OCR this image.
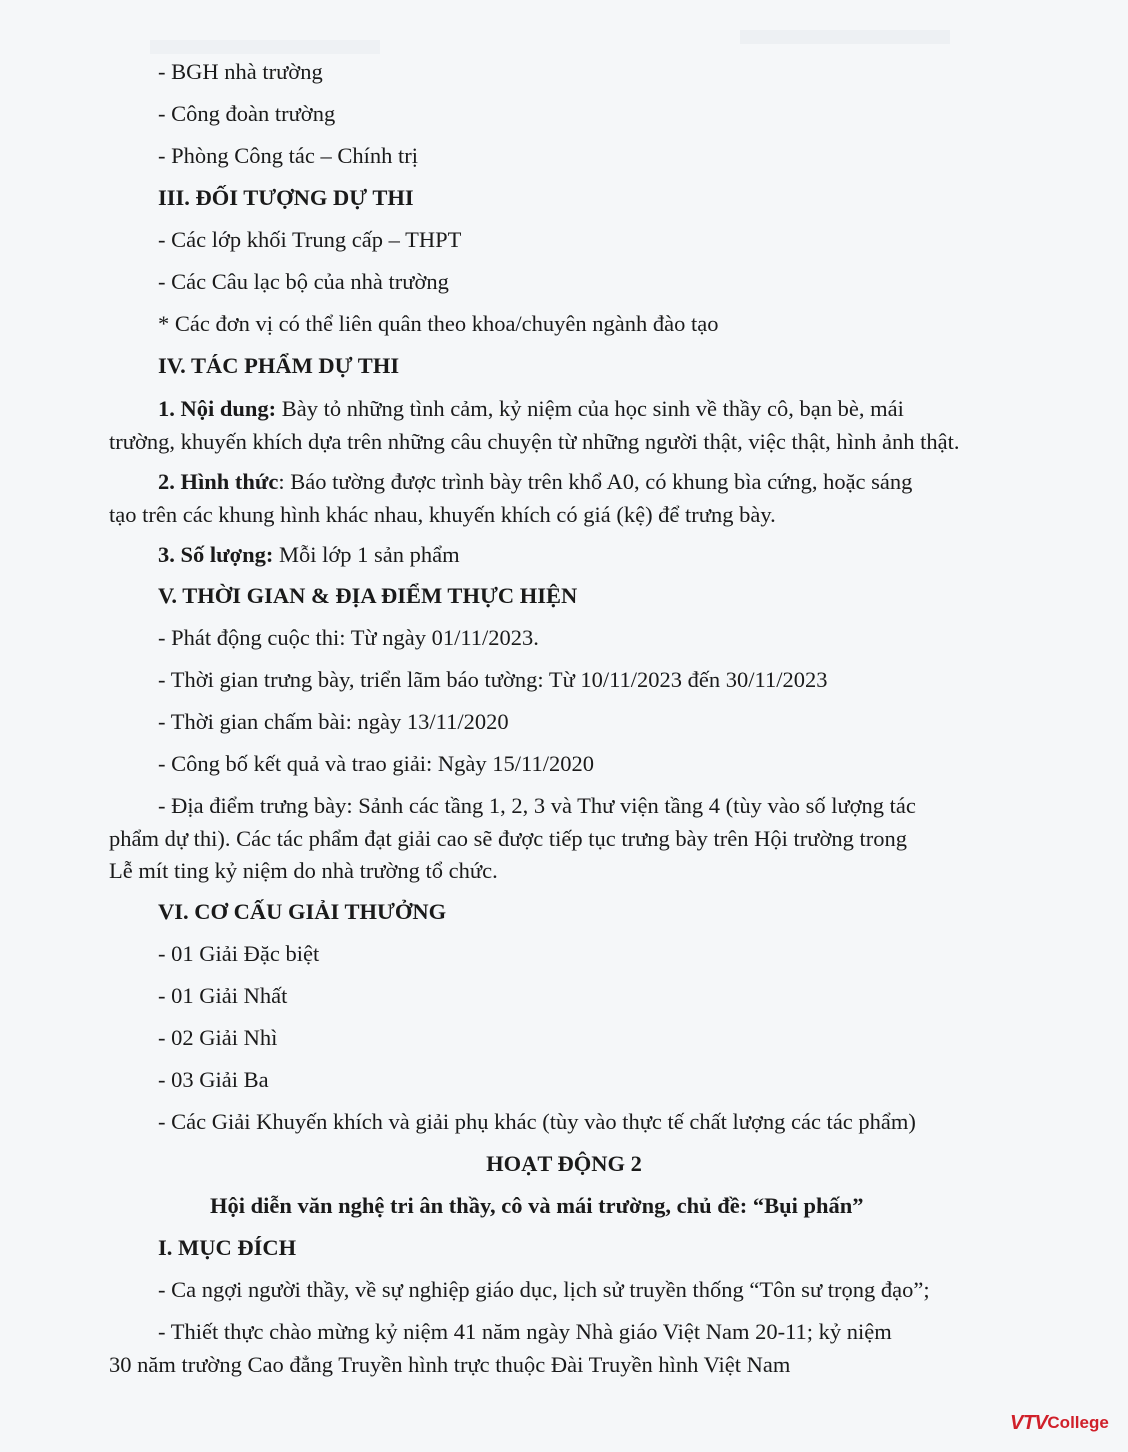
- BGH nhà trường
- Công đoàn trường
- Phòng Công tác – Chính trị
III. ĐỐI TƯỢNG DỰ THI
- Các lớp khối Trung cấp – THPT
- Các Câu lạc bộ của nhà trường
* Các đơn vị có thể liên quân theo khoa/chuyên ngành đào tạo
IV. TÁC PHẨM DỰ THI
1. Nội dung: Bày tỏ những tình cảm, kỷ niệm của học sinh về thầy cô, bạn bè, mái
trường, khuyến khích dựa trên những câu chuyện từ những người thật, việc thật, hình ảnh thật.
2. Hình thức: Báo tường được trình bày trên khổ A0, có khung bìa cứng, hoặc sáng
tạo trên các khung hình khác nhau, khuyến khích có giá (kệ) để trưng bày.
3. Số lượng: Mỗi lớp 1 sản phẩm
V. THỜI GIAN & ĐỊA ĐIỂM THỰC HIỆN
- Phát động cuộc thi: Từ ngày 01/11/2023.
- Thời gian trưng bày, triển lãm báo tường: Từ 10/11/2023 đến 30/11/2023
- Thời gian chấm bài: ngày 13/11/2020
- Công bố kết quả và trao giải: Ngày 15/11/2020
- Địa điểm trưng bày: Sảnh các tầng 1, 2, 3 và Thư viện tầng 4 (tùy vào số lượng tác
phẩm dự thi). Các tác phẩm đạt giải cao sẽ được tiếp tục trưng bày trên Hội trường trong
Lễ mít ting kỷ niệm do nhà trường tổ chức.
VI. CƠ CẤU GIẢI THƯỞNG
- 01 Giải Đặc biệt
- 01 Giải Nhất
- 02 Giải Nhì
- 03 Giải Ba
- Các Giải Khuyến khích và giải phụ khác (tùy vào thực tế chất lượng các tác phẩm)
HOẠT ĐỘNG 2
Hội diễn văn nghệ tri ân thầy, cô và mái trường, chủ đề: “Bụi phấn”
I. MỤC ĐÍCH
- Ca ngợi người thầy, về sự nghiệp giáo dục, lịch sử truyền thống “Tôn sư trọng đạo”;
- Thiết thực chào mừng kỷ niệm 41 năm ngày Nhà giáo Việt Nam 20-11; kỷ niệm
30 năm trường Cao đẳng Truyền hình trực thuộc Đài Truyền hình Việt Nam
VTV College
